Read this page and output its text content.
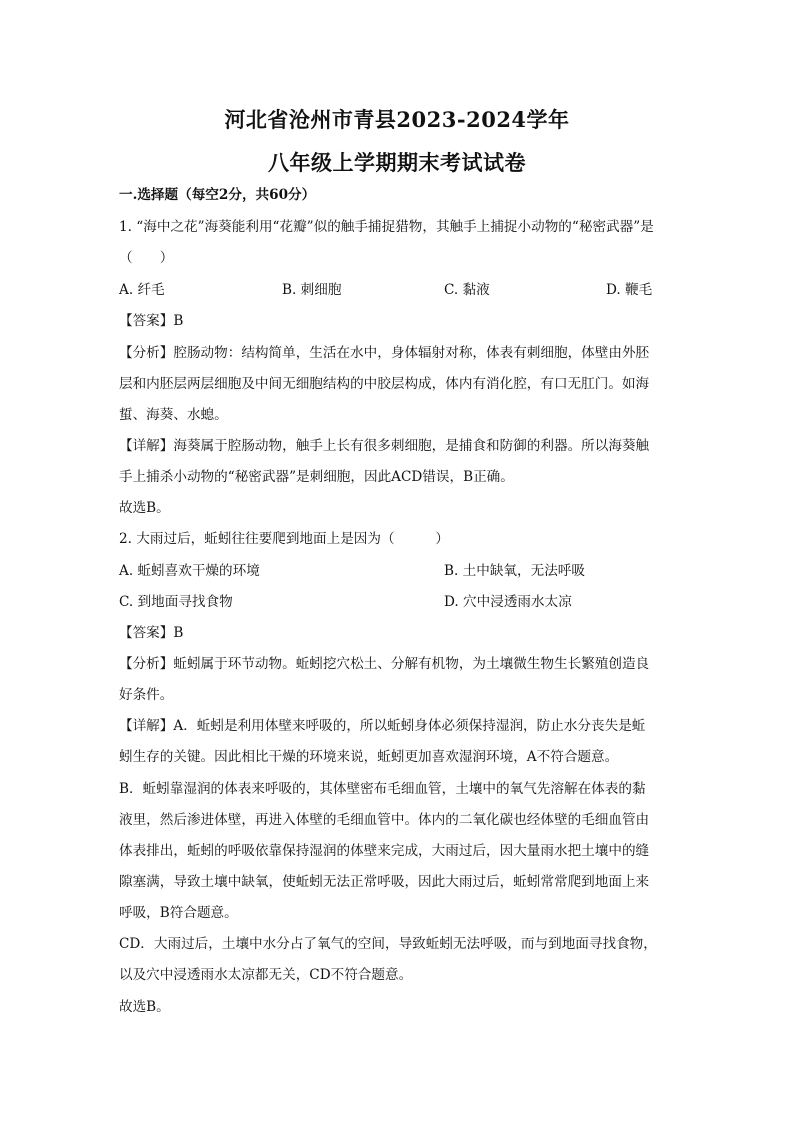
河北省沧州市青县2023-2024学年
八年级上学期期末考试试卷
一.选择题（每空2分，共60分）
1. “海中之花”海葵能利用“花瓣”似的触手捕捉猎物，其触手上捕捉小动物的“秘密武器”是
（　　）
A. 纤毛	B. 刺细胞	C. 黏液	D. 鞭毛
【答案】B
【分析】腔肠动物：结构简单，生活在水中，身体辐射对称，体表有刺细胞，体壁由外胚
层和内胚层两层细胞及中间无细胞结构的中胶层构成，体内有消化腔，有口无肛门。如海
蜇、海葵、水螅。
【详解】海葵属于腔肠动物，触手上长有很多刺细胞，是捕食和防御的利器。所以海葵触
手上捕杀小动物的“秘密武器”是刺细胞，因此ACD错误，B正确。
故选B。
2. 大雨过后，蚯蚓往往要爬到地面上是因为（　　　）
A. 蚯蚓喜欢干燥的环境	B. 土中缺氧，无法呼吸
C. 到地面寻找食物	D. 穴中浸透雨水太凉
【答案】B
【分析】蚯蚓属于环节动物。蚯蚓挖穴松土、分解有机物，为土壤微生物生长繁殖创造良
好条件。
【详解】A．蚯蚓是利用体壁来呼吸的，所以蚯蚓身体必须保持湿润，防止水分丧失是蚯
蚓生存的关键。因此相比干燥的环境来说，蚯蚓更加喜欢湿润环境，A不符合题意。
B．蚯蚓靠湿润的体表来呼吸的，其体壁密布毛细血管，土壤中的氧气先溶解在体表的黏
液里，然后渗进体壁，再进入体壁的毛细血管中。体内的二氧化碳也经体壁的毛细血管由
体表排出，蚯蚓的呼吸依靠保持湿润的体壁来完成，大雨过后，因大量雨水把土壤中的缝
隙塞满，导致土壤中缺氧，使蚯蚓无法正常呼吸，因此大雨过后，蚯蚓常常爬到地面上来
呼吸，B符合题意。
CD．大雨过后，土壤中水分占了氧气的空间，导致蚯蚓无法呼吸，而与到地面寻找食物，
以及穴中浸透雨水太凉都无关，CD不符合题意。
故选B。
